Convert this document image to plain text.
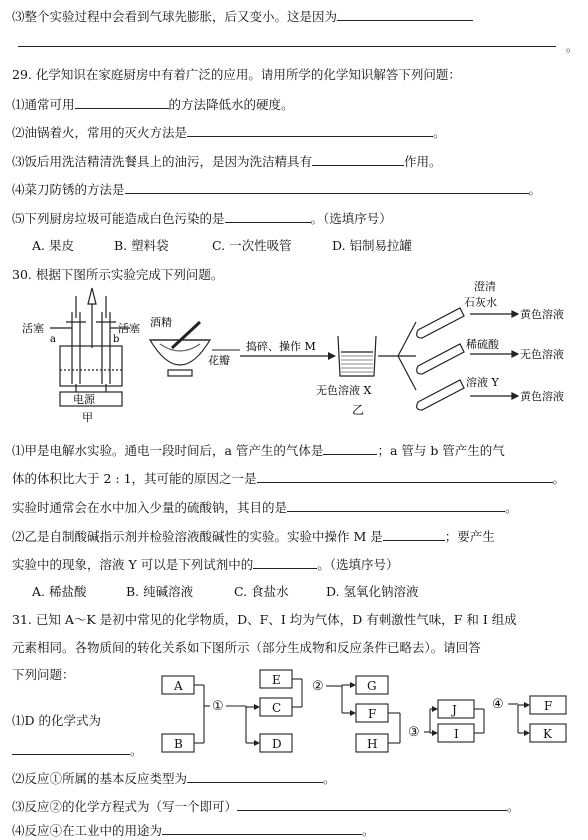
⑶整个实验过程中会看到气球先膨胀，后又变小。这是因为
。
29. 化学知识在家庭厨房中有着广泛的应用。请用所学的化学知识解答下列问题：
⑴通常可用	的方法降低水的硬度。
⑵油锅着火，常用的灭火方法是	。
⑶饭后用洗洁精清洗餐具上的油污，是因为洗洁精具有	作用。
⑷菜刀防锈的方法是	。
⑸下列厨房垃圾可能造成白色污染的是	。（选填序号）
A. 果皮	B. 塑料袋	C. 一次性吸管	D. 铝制易拉罐
30. 根据下图所示实验完成下列问题。
活塞	活塞
a	b
电源
甲
酒精
花瓣
捣碎、操作 M
无色溶液 X
乙
澄清
石灰水
黄色溶液
稀硫酸
无色溶液
溶液 Y
黄色溶液
⑴甲是电解水实验。通电一段时间后，a 管产生的气体是	；a 管与 b 管产生的气
体的体积比大于 2 : 1，其可能的原因之一是	。
实验时通常会在水中加入少量的硫酸钠，其目的是	。
⑵乙是自制酸碱指示剂并检验溶液酸碱性的实验。实验中操作 M 是	；要产生
实验中的现象，溶液 Y 可以是下列试剂中的	。（选填序号）
A. 稀盐酸	B. 纯碱溶液	C. 食盐水	D. 氢氧化钠溶液
31. 已知 A～K 是初中常见的化学物质，D、F、I 均为气体，D 有刺激性气味，F 和 I 组成
元素相同。各物质间的转化关系如下图所示（部分生成物和反应条件已略去）。请回答
下列问题：
⑴D 的化学式为
。
A
B
E
C
D
G
F
H
J
I
F
K
①
②
③
④
⑵反应①所属的基本反应类型为	。
⑶反应②的化学方程式为（写一个即可）	。
⑷反应④在工业中的用途为	。
